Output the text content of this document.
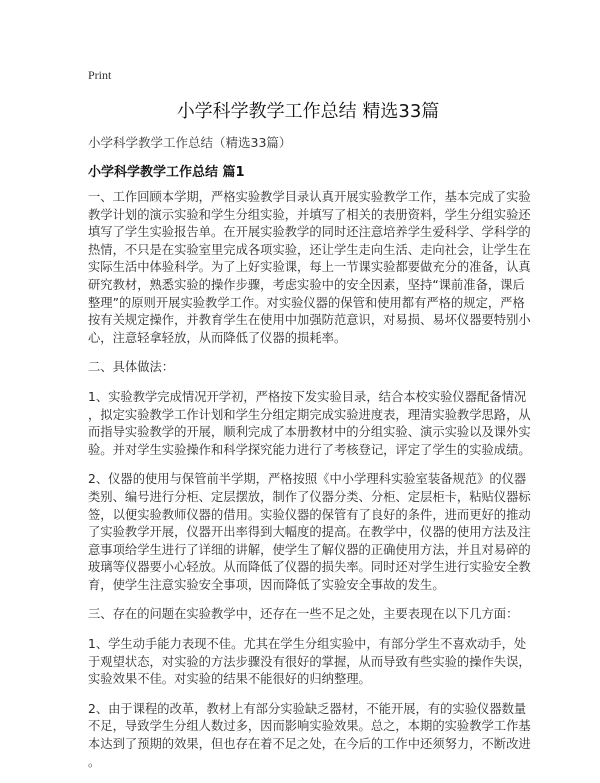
Print
小学科学教学工作总结 精选33篇
小学科学教学工作总结（精选33篇）
小学科学教学工作总结 篇1
一、工作回顾本学期，严格实验教学目录认真开展实验教学工作，基本完成了实验
教学计划的演示实验和学生分组实验，并填写了相关的表册资料，学生分组实验还
填写了学生实验报告单。在开展实验教学的同时还注意培养学生爱科学、学科学的
热情，不只是在实验室里完成各项实验，还让学生走向生活、走向社会，让学生在
实际生活中体验科学。为了上好实验课，每上一节课实验都要做充分的准备，认真
研究教材，熟悉实验的操作步骤，考虑实验中的安全因素，坚持“课前准备，课后
整理”的原则开展实验教学工作。对实验仪器的保管和使用都有严格的规定，严格
按有关规定操作，并教育学生在使用中加强防范意识，对易损、易坏仪器要特别小
心，注意轻拿轻放，从而降低了仪器的损耗率。
二、具体做法：
1、实验教学完成情况开学初，严格按下发实验目录，结合本校实验仪器配备情况
，拟定实验教学工作计划和学生分组定期完成实验进度表，理清实验教学思路，从
而指导实验教学的开展，顺利完成了本册教材中的分组实验、演示实验以及课外实
验。并对学生实验操作和科学探究能力进行了考核登记，评定了学生的实验成绩。
2、仪器的使用与保管前半学期，严格按照《中小学理科实验室装备规范》的仪器
类别、编号进行分柜、定层摆放，制作了仪器分类、分柜、定层柜卡，粘贴仪器标
签，以便实验教师仪器的借用。实验仪器的保管有了良好的条件，进而更好的推动
了实验教学开展，仪器开出率得到大幅度的提高。在教学中，仪器的使用方法及注
意事项给学生进行了详细的讲解，使学生了解仪器的正确使用方法，并且对易碎的
玻璃等仪器要小心轻放。从而降低了仪器的损失率。同时还对学生进行实验安全教
育，使学生注意实验安全事项，因而降低了实验安全事故的发生。
三、存在的问题在实验教学中，还存在一些不足之处，主要表现在以下几方面：
1、学生动手能力表现不佳。尤其在学生分组实验中，有部分学生不喜欢动手，处
于观望状态，对实验的方法步骤没有很好的掌握，从而导致有些实验的操作失误，
实验效果不佳。对实验的结果不能很好的归纳整理。
2、由于课程的改革，教材上有部分实验缺乏器材，不能开展，有的实验仪器数量
不足，导致学生分组人数过多，因而影响实验效果。总之，本期的实验教学工作基
本达到了预期的效果，但也存在着不足之处，在今后的工作中还须努力，不断改进
。
